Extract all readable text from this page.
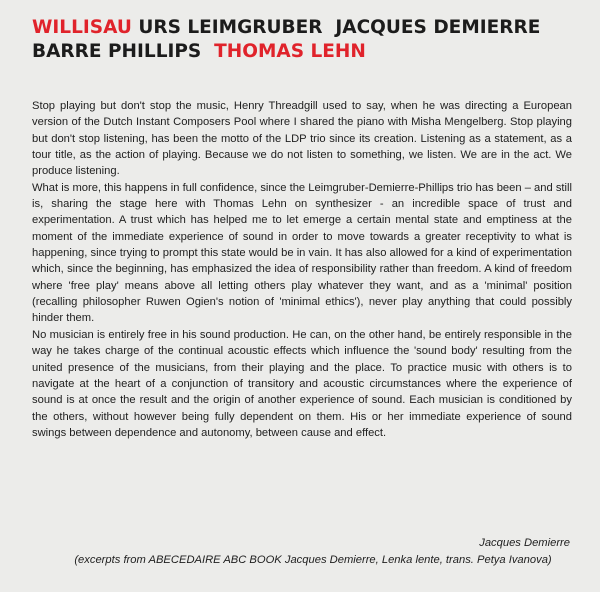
WILLISAU URS LEIMGRUBER JACQUES DEMIERRE
BARRE PHILLIPS THOMAS LEHN

Stop playing but don't stop the music, Henry Threadgill used to say, when he was directing a European version of the Dutch Instant Composers Pool where I shared the piano with Misha Mengelberg. Stop playing but don't stop listening, has been the motto of the LDP trio since its creation. Listening as a statement, as a tour title, as the action of playing. Because we do not listen to something, we listen. We are in the act. We produce listening.

What is more, this happens in full confidence, since the Leimgruber-Demierre-Phillips trio has been – and still is, sharing the stage here with Thomas Lehn on synthesizer - an incredible space of trust and experimentation. A trust which has helped me to let emerge a certain mental state and emptiness at the moment of the immediate experience of sound in order to move towards a greater receptivity to what is happening, since trying to prompt this state would be in vain. It has also allowed for a kind of experimentation which, since the beginning, has emphasized the idea of responsibility rather than freedom. A kind of freedom where 'free play' means above all letting others play whatever they want, and as a 'minimal' position (recalling philosopher Ruwen Ogien's notion of 'minimal ethics'), never play anything that could possibly hinder them.

No musician is entirely free in his sound production. He can, on the other hand, be entirely responsible in the way he takes charge of the continual acoustic effects which influence the 'sound body' resulting from the united presence of the musicians, from their playing and the place. To practice music with others is to navigate at the heart of a conjunction of transitory and acoustic circumstances where the experience of sound is at once the result and the origin of another experience of sound. Each musician is conditioned by the others, without however being fully dependent on them. His or her immediate experience of sound swings between dependence and autonomy, between cause and effect.

Jacques Demierre
(excerpts from ABECEDAIRE ABC BOOK Jacques Demierre, Lenka lente, trans. Petya Ivanova)
